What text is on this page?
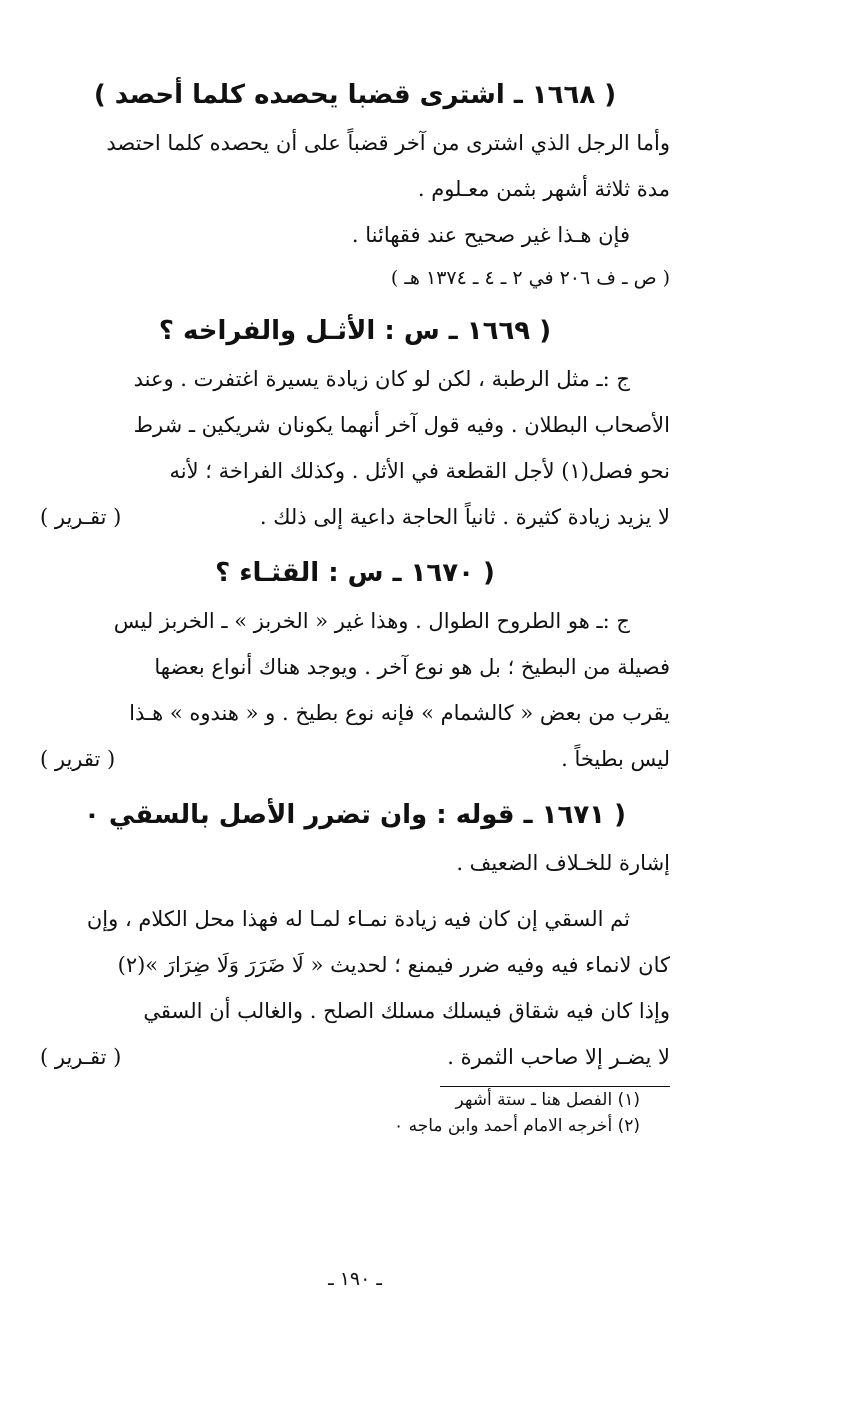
( ١٦٦٨ ـ اشترى قضبا يحصده كلما أحصد )
وأما الرجل الذي اشترى من آخر قضباً على أن يحصده كلما احتصد
مدة ثلاثة أشهر بثمن معـلوم .
فإن هـذا غير صحيح عند فقهائنا .
( ص ـ ف ٢٠٦ في ٢ ـ ٤ ـ ١٣٧٤ هـ )
( ١٦٦٩ ـ س : الأثـل والفراخه ؟
ج :ـ مثل الرطبة ، لكن لو كان زيادة يسيرة اغتفرت . وعند
الأصحاب البطلان . وفيه قول آخر أنهما يكونان شريكين ـ شرط
نحو فصل(١) لأجل القطعة في الأثل . وكذلك الفراخة ؛ لأنه
لا يزيد زيادة كثيرة . ثانياً الحاجة داعية إلى ذلك .
( تقـرير )
( ١٦٧٠ ـ س : القثـاء ؟
ج :ـ هو الطروح الطوال . وهذا غير « الخربز » ـ الخربز ليس
فصيلة من البطيخ ؛ بل هو نوع آخر . ويوجد هناك أنواع بعضها
يقرب من بعض « كالشمام » فإنه نوع بطيخ . و « هندوه » هـذا
ليس بطيخاً .
( تقرير )
( ١٦٧١ ـ قوله : وان تضرر الأصل بالسقي ٠
إشارة للخـلاف الضعيف .
ثم السقي إن كان فيه زيادة نمـاء لمـا له فهذا محل الكلام ، وإن
كان لانماء فيه وفيه ضرر فيمنع ؛ لحديث « لَا ضَرَرَ وَلَا ضِرَارَ »(٢)
وإذا كان فيه شقاق فيسلك مسلك الصلح . والغالب أن السقي
لا يضـر إلا صاحب الثمرة .
( تقـرير )
(١) الفصل هنا ـ ستة أشهر
(٢) أخرجه الامام أحمد وابن ماجه ٠
ـ ١٩٠ ـ
